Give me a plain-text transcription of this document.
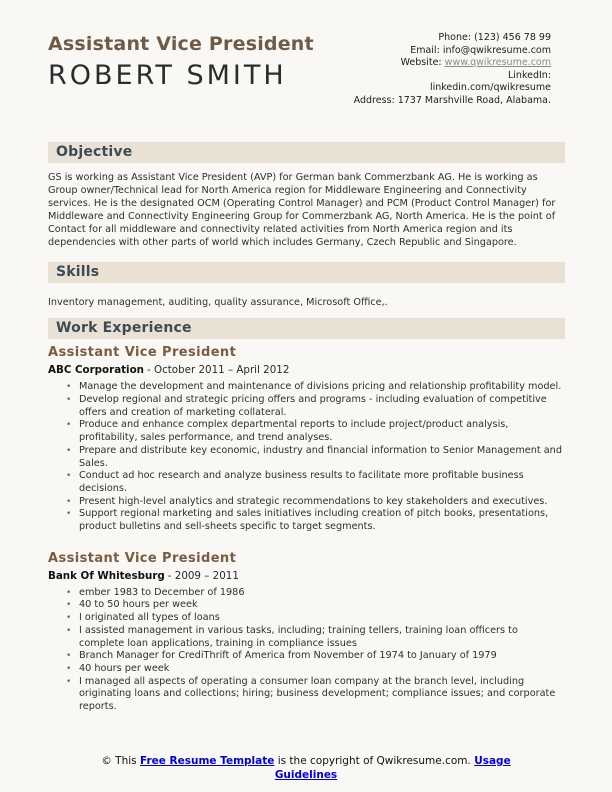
Assistant Vice President
ROBERT SMITH
Phone: (123) 456 78 99
Email: info@qwikresume.com
Website: www.qwikresume.com
LinkedIn:
linkedin.com/qwikresume
Address: 1737 Marshville Road, Alabama.
Objective
GS is working as Assistant Vice President (AVP) for German bank Commerzbank AG. He is working as Group owner/Technical lead for North America region for Middleware Engineering and Connectivity services. He is the designated OCM (Operating Control Manager) and PCM (Product Control Manager) for Middleware and Connectivity Engineering Group for Commerzbank AG, North America. He is the point of Contact for all middleware and connectivity related activities from North America region and its dependencies with other parts of world which includes Germany, Czech Republic and Singapore.
Skills
Inventory management, auditing, quality assurance, Microsoft Office,.
Work Experience
Assistant Vice President
ABC Corporation - October 2011 – April 2012
• Manage the development and maintenance of divisions pricing and relationship profitability model.
• Develop regional and strategic pricing offers and programs - including evaluation of competitive offers and creation of marketing collateral.
• Produce and enhance complex departmental reports to include project/product analysis, profitability, sales performance, and trend analyses.
• Prepare and distribute key economic, industry and financial information to Senior Management and Sales.
• Conduct ad hoc research and analyze business results to facilitate more profitable business decisions.
• Present high-level analytics and strategic recommendations to key stakeholders and executives.
• Support regional marketing and sales initiatives including creation of pitch books, presentations, product bulletins and sell-sheets specific to target segments.
Assistant Vice President
Bank Of Whitesburg - 2009 – 2011
• ember 1983 to December of 1986
• 40 to 50 hours per week
• I originated all types of loans
• I assisted management in various tasks, including; training tellers, training loan officers to complete loan applications, training in compliance issues
• Branch Manager for CrediThrift of America from November of 1974 to January of 1979
• 40 hours per week
• I managed all aspects of operating a consumer loan company at the branch level, including originating loans and collections; hiring; business development; compliance issues; and corporate reports.
© This Free Resume Template is the copyright of Qwikresume.com. Usage Guidelines
